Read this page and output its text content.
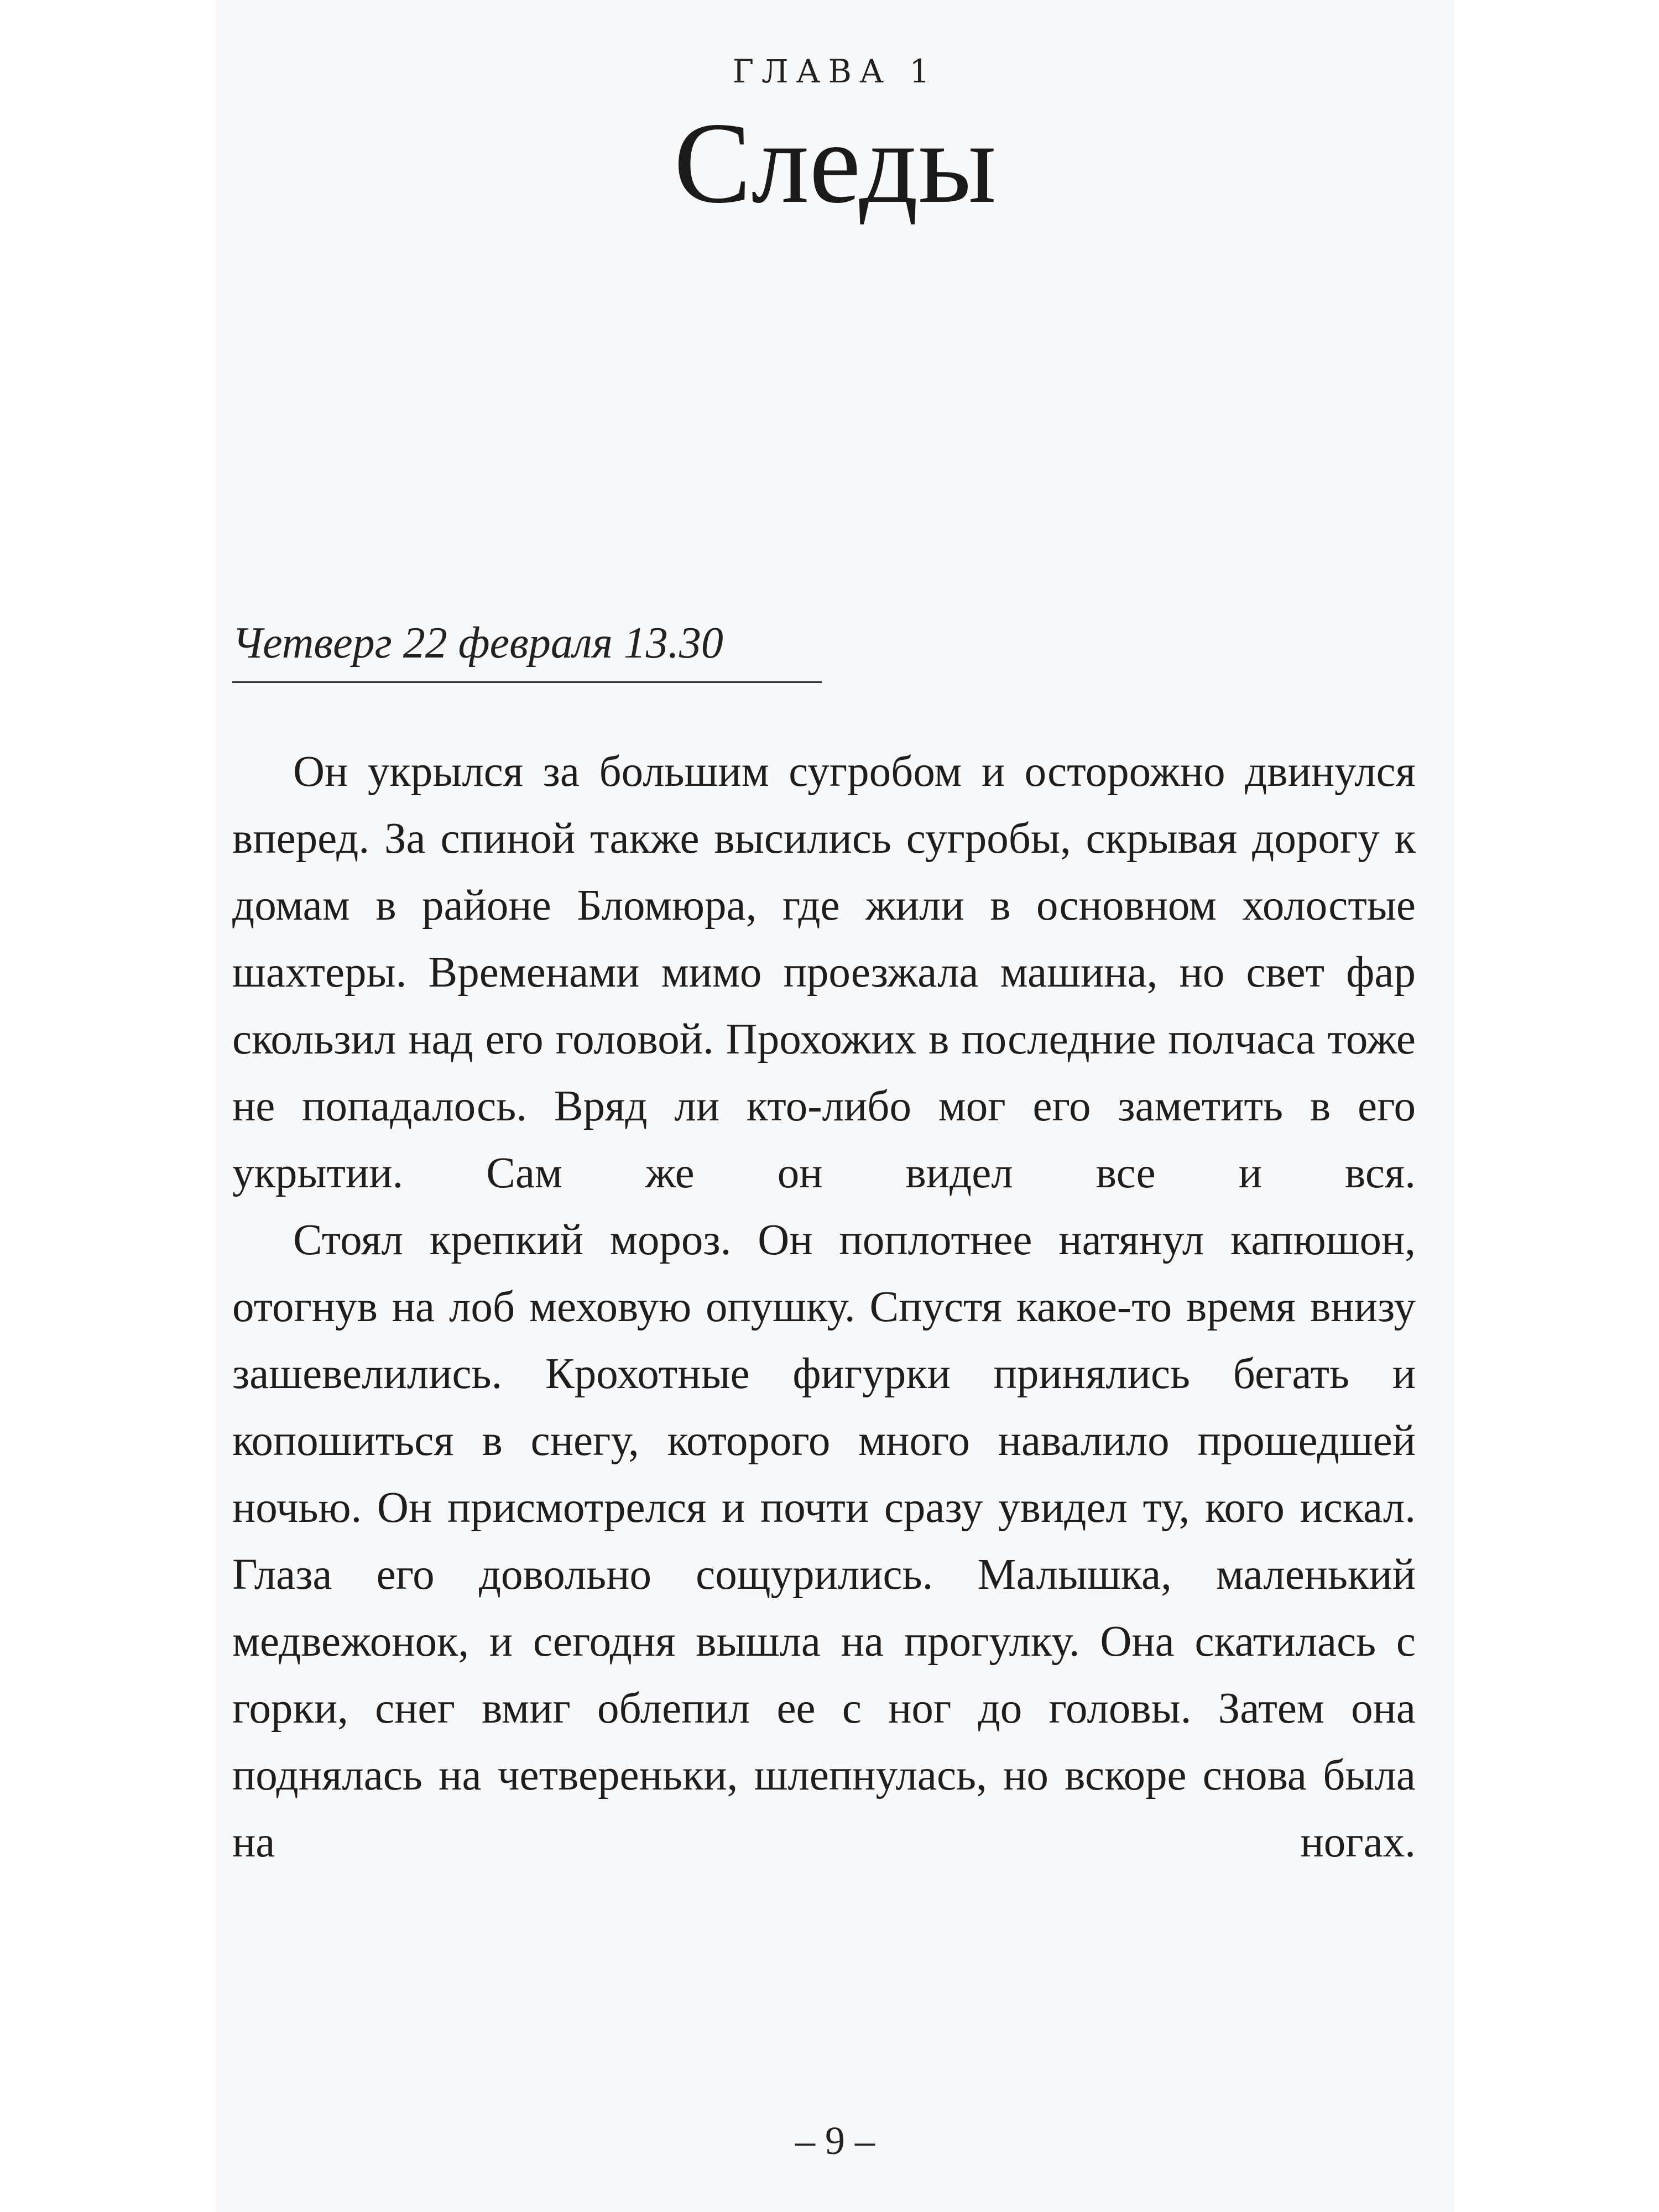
ГЛАВА 1
Следы
Четверг 22 февраля 13.30

Он укрылся за большим сугробом и осторожно двинулся вперед. За спиной также высились сугробы, скрывая дорогу к домам в районе Бломюра, где жили в основном холостые шахтеры. Временами мимо проезжала машина, но свет фар скользил над его головой. Прохожих в последние полчаса тоже не попадалось. Вряд ли кто-либо мог его заметить в его укрытии. Сам же он видел все и вся.

Стоял крепкий мороз. Он поплотнее натянул капюшон, отогнув на лоб меховую опушку. Спустя какое-то время внизу зашевелились. Крохотные фигурки принялись бегать и копошиться в снегу, которого много навалило прошедшей ночью. Он присмотрелся и почти сразу увидел ту, кого искал. Глаза его довольно сощурились. Малышка, маленький медвежонок, и сегодня вышла на прогулку. Она скатилась с горки, снег вмиг облепил ее с ног до головы. Затем она поднялась на четвереньки, шлепнулась, но вскоре снова была на ногах.

– 9 –
